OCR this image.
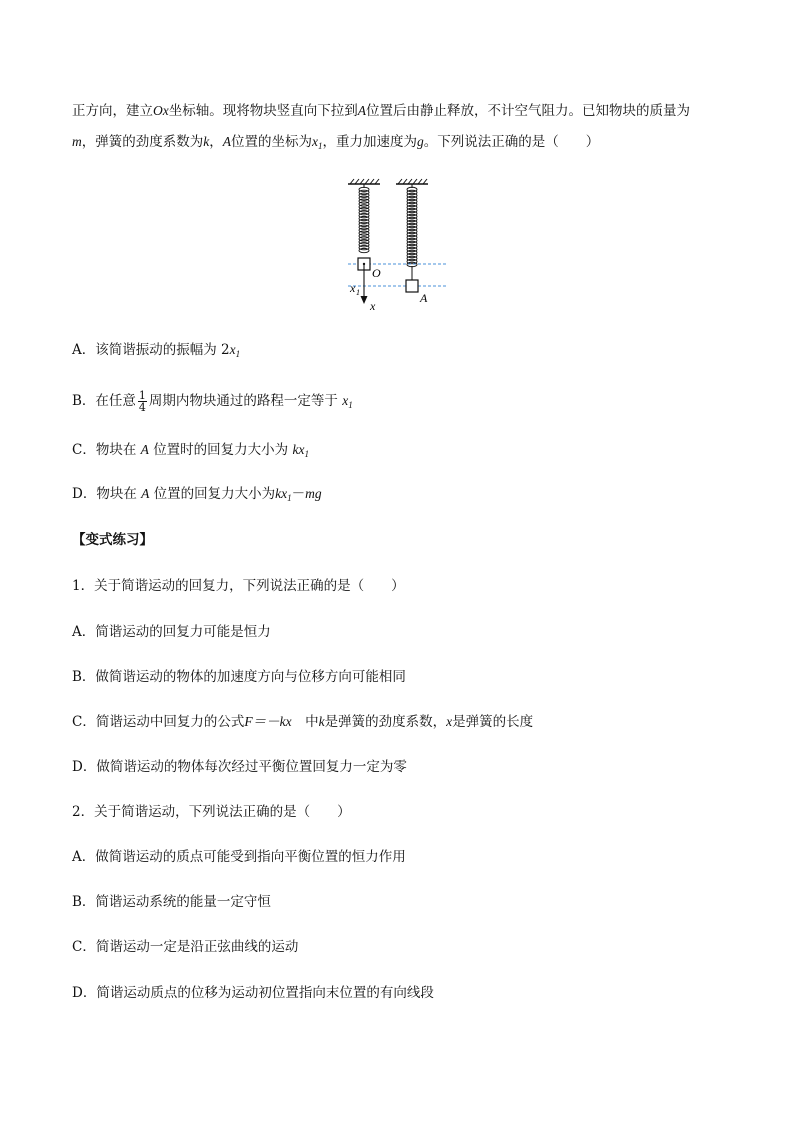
正方向，建立Ox坐标轴。现将物块竖直向下拉到A位置后由静止释放，不计空气阻力。已知物块的质量为
m，弹簧的劲度系数为k，A位置的坐标为$x_1$，重力加速度为g。下列说法正确的是（　　）
O
x 1
x
A
A．该简谐振动的振幅为 $2x_1$
B．在任意 $\frac{1}{4}$ 周期内物块通过的路程一定等于 $x_1$
C．物块在 A 位置时的回复力大小为 $kx_1$
D．物块在 A 位置的回复力大小为$kx_1-mg$
【变式练习】
1．关于简谐运动的回复力，下列说法正确的是（　　）
A．简谐运动的回复力可能是恒力
B．做简谐运动的物体的加速度方向与位移方向可能相同
C．简谐运动中回复力的公式F＝－kx　 中k是弹簧的劲度系数，x是弹簧的长度
D．做简谐运动的物体每次经过平衡位置回复力一定为零
2．关于简谐运动，下列说法正确的是（　　）
A．做简谐运动的质点可能受到指向平衡位置的恒力作用
B．简谐运动系统的能量一定守恒
C．简谐运动一定是沿正弦曲线的运动
D．简谐运动质点的位移为运动初位置指向末位置的有向线段
